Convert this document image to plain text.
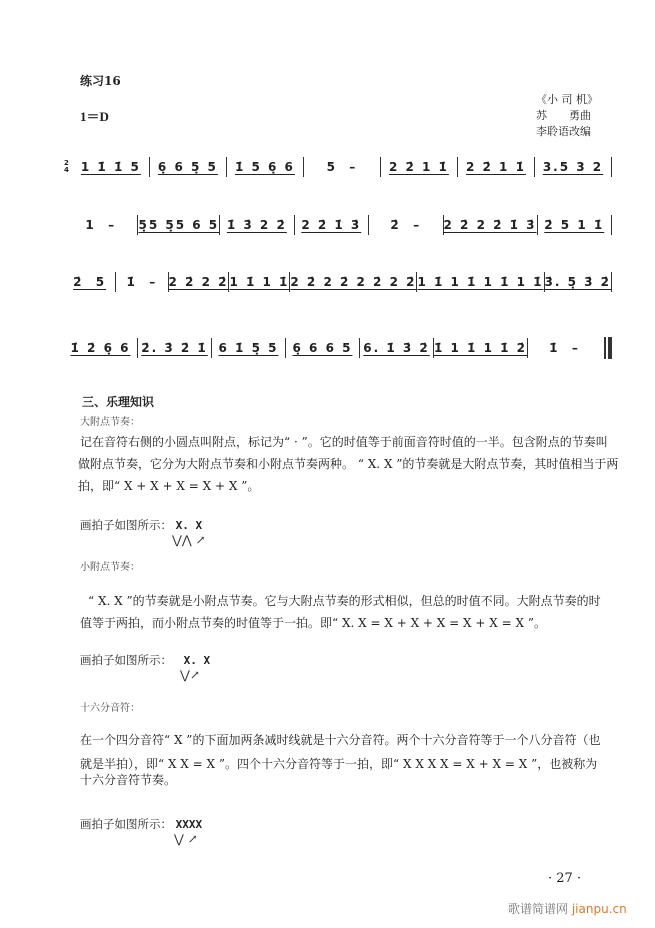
练习16
1＝D
《小 司 机》
苏　　勇曲
李聆语改编
2
4	1 1̇ 1̇ 5	6̣ 6 5̣ 5	1̇ 5 6̣ 6	5  –	2 2̇ 1 1̇	2 2̇ 1 1̇	3.5 3 2
1  –	5̣5 5̣5 6 5 1̇ 3̇ 2 2̇	2 2̇ 1̇ 3̇	2̇  –	2 2̇ 2 2̇ 1̇ 3̇ 2̇ 5 1 1̇
2̇  5	1̇  – 2 2̇ 2 2̇ 1 1̇ 1 1̇ 2 2̇ 2 2̇ 2 2̇ 2 2̇ 1 1̇ 1 1̇ 1 1̇ 1 1̇ 3̇. 5̣ 3̇ 2̇
1̇ 2̇ 6̣ 6 2̇. 3̇ 2̇ 1̇ 6 1̇ 5̣ 5	6̣ 6 6 5 6. 1̇ 3̇ 2̇ 1̇ 1 1̇ 1 1̇ 2̇	1̇  –
三、乐理知识
大附点节奏：
记在音符右侧的小圆点叫附点，标记为“ · ”。它的时值等于前面音符时值的一半。包含附点的节奏叫
做附点节奏，它分为大附点节奏和小附点节奏两种。 “ X. X ”的节奏就是大附点节奏，其时值相当于两
拍，即“ X + X + X = X + X ”。
画拍子如图所示： X. X
⋁⋀ ↗
小附点节奏：
“ X. X ”的节奏就是小附点节奏。它与大附点节奏的形式相似，但总的时值不同。大附点节奏的时
值等于两拍，而小附点节奏的时值等于一拍。即“ X. X = X + X + X = X + X = X ”。
画拍子如图所示： X. X
⋁↗
十六分音符：
在一个四分音符“ X ”的下面加两条减时线就是十六分音符。两个十六分音符等于一个八分音符（也
就是半拍），即“ X X = X ”。四个十六分音符等于一拍，即“ X X X X = X + X = X ”，也被称为
十六分音符节奏。
画拍子如图所示： XXXX
⋁ ↗
· 27 ·
歌谱简谱网 jianpu.cn
